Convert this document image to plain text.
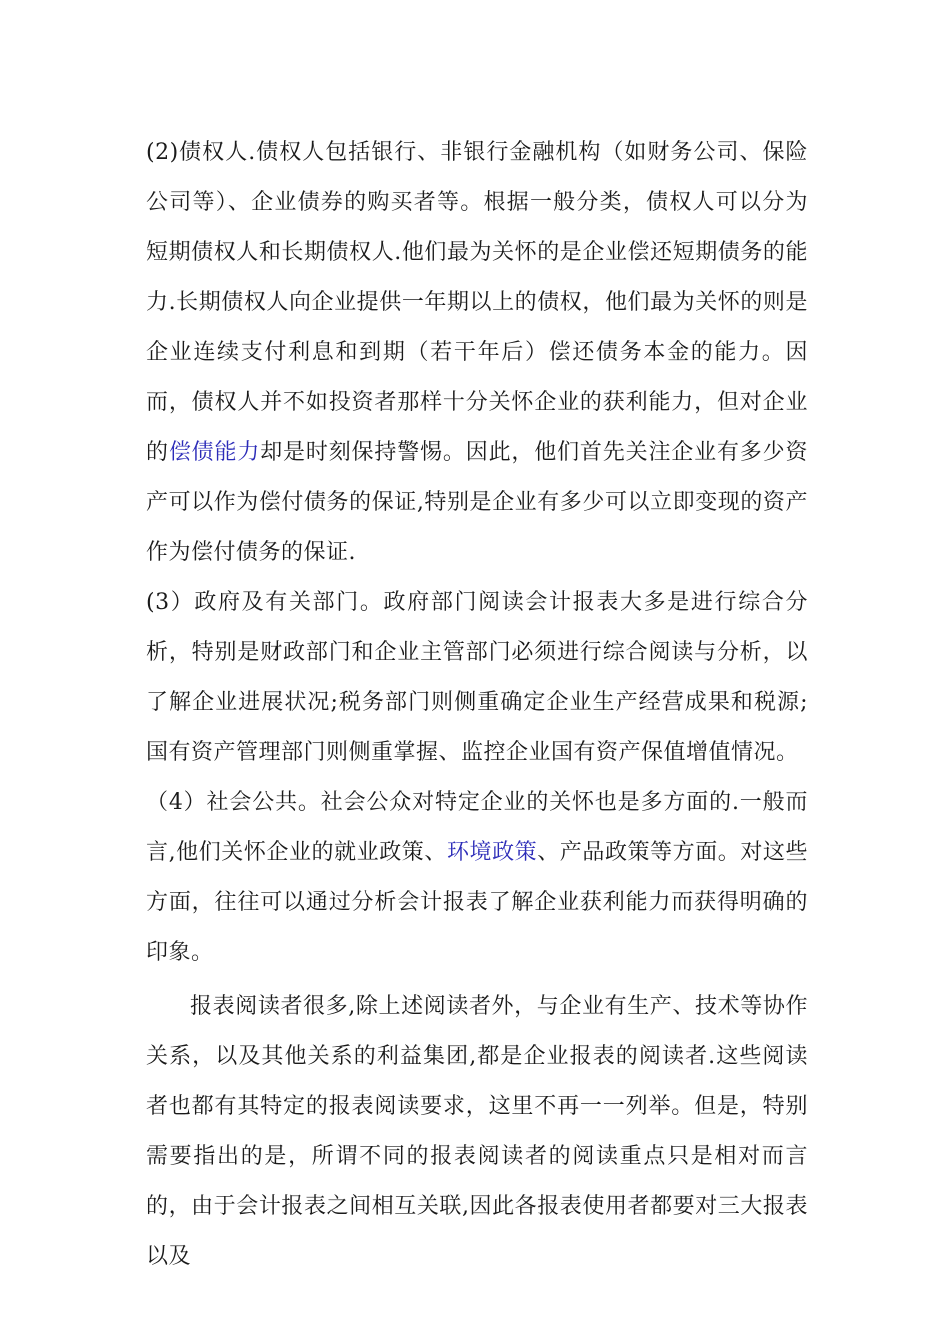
(2)债权人.债权人包括银行、非银行金融机构（如财务公司、保险公司等）、企业债券的购买者等。根据一般分类，债权人可以分为短期债权人和长期债权人.他们最为关怀的是企业偿还短期债务的能力.长期债权人向企业提供一年期以上的债权，他们最为关怀的则是企业连续支付利息和到期（若干年后）偿还债务本金的能力。因而，债权人并不如投资者那样十分关怀企业的获利能力，但对企业的偿债能力却是时刻保持警惕。因此，他们首先关注企业有多少资产可以作为偿付债务的保证,特别是企业有多少可以立即变现的资产作为偿付债务的保证.

(3）政府及有关部门。政府部门阅读会计报表大多是进行综合分析，特别是财政部门和企业主管部门必须进行综合阅读与分析，以了解企业进展状况;税务部门则侧重确定企业生产经营成果和税源;国有资产管理部门则侧重掌握、监控企业国有资产保值增值情况。

（4）社会公共。社会公众对特定企业的关怀也是多方面的.一般而言,他们关怀企业的就业政策、环境政策、产品政策等方面。对这些方面，往往可以通过分析会计报表了解企业获利能力而获得明确的印象。

报表阅读者很多,除上述阅读者外，与企业有生产、技术等协作关系，以及其他关系的利益集团,都是企业报表的阅读者.这些阅读者也都有其特定的报表阅读要求，这里不再一一列举。但是，特别需要指出的是，所谓不同的报表阅读者的阅读重点只是相对而言的，由于会计报表之间相互关联,因此各报表使用者都要对三大报表以及
